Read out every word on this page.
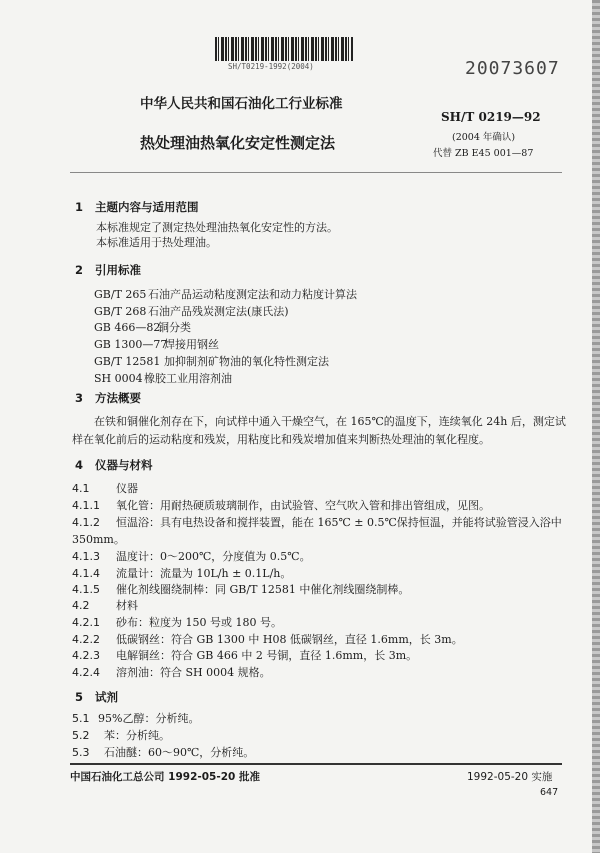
SH/T0219-1992(2004)	20073607
中华人民共和国石油化工行业标准
热处理油热氧化安定性测定法
SH/T 0219—92
(2004 年确认)
代替 ZB E45 001—87
1 主题内容与适用范围
本标准规定了测定热处理油热氧化安定性的方法。
本标准适用于热处理油。
2 引用标准
GB/T 265 石油产品运动粘度测定法和动力粘度计算法
GB/T 268 石油产品残炭测定法(康氏法)
GB 466—82铜分类
GB 1300—77焊接用钢丝
GB/T 12581 加抑制剂矿物油的氧化特性测定法
SH 0004橡胶工业用溶剂油
3 方法概要
在铁和铜催化剂存在下，向试样中通入干燥空气，在 165℃的温度下，连续氧化 24h 后，测定试
样在氧化前后的运动粘度和残炭，用粘度比和残炭增加值来判断热处理油的氧化程度。
4 仪器与材料
4.1 仪器
4.1.1 氧化管：用耐热硬质玻璃制作，由试验管、空气吹入管和排出管组成，见图。
4.1.2 恒温浴：具有电热设备和搅拌装置，能在 165℃ ± 0.5℃保持恒温，并能将试验管浸入浴中
350mm。
4.1.3 温度计：0～200℃，分度值为 0.5℃。
4.1.4 流量计：流量为 10L/h ± 0.1L/h。
4.1.5 催化剂线圈绕制棒：同 GB/T 12581 中催化剂线圈绕制棒。
4.2 材料
4.2.1 砂布：粒度为 150 号或 180 号。
4.2.2 低碳钢丝：符合 GB 1300 中 H08 低碳钢丝，直径 1.6mm，长 3m。
4.2.3 电解铜丝：符合 GB 466 中 2 号铜，直径 1.6mm，长 3m。
4.2.4 溶剂油：符合 SH 0004 规格。
5 试剂
5.1 95%乙醇：分析纯。
5.2 苯：分析纯。
5.3 石油醚：60～90℃，分析纯。
中国石油化工总公司 1992-05-20 批准	1992-05-20 实施
647
